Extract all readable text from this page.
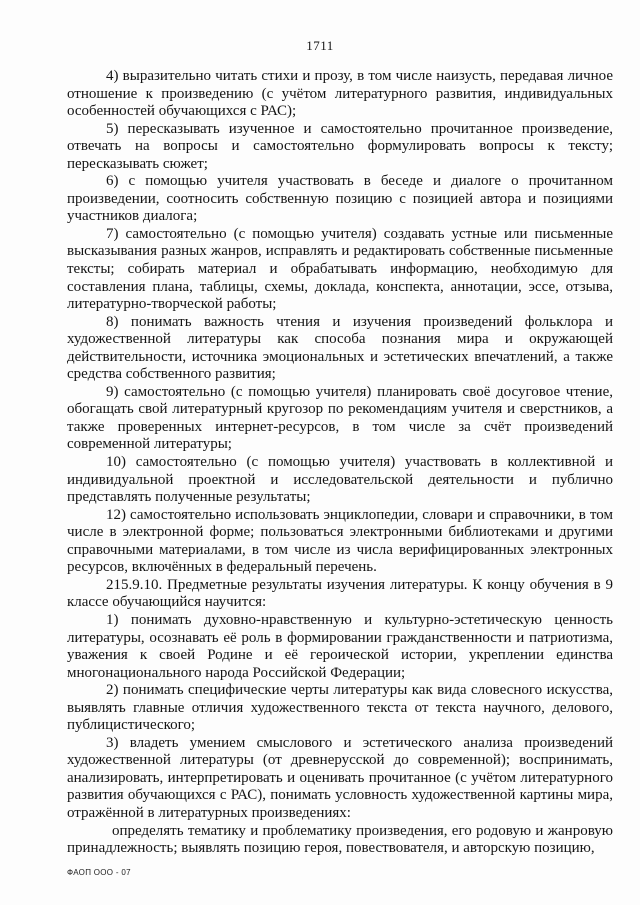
1711

4) выразительно читать стихи и прозу, в том числе наизусть, передавая личное отношение к произведению (с учётом литературного развития, индивидуальных особенностей обучающихся с РАС);

5) пересказывать изученное и самостоятельно прочитанное произведение, отвечать на вопросы и самостоятельно формулировать вопросы к тексту; пересказывать сюжет;

6) с помощью учителя участвовать в беседе и диалоге о прочитанном произведении, соотносить собственную позицию с позицией автора и позициями участников диалога;

7) самостоятельно (с помощью учителя) создавать устные или письменные высказывания разных жанров, исправлять и редактировать собственные письменные тексты; собирать материал и обрабатывать информацию, необходимую для составления плана, таблицы, схемы, доклада, конспекта, аннотации, эссе, отзыва, литературно-творческой работы;

8) понимать важность чтения и изучения произведений фольклора и художественной литературы как способа познания мира и окружающей действительности, источника эмоциональных и эстетических впечатлений, а также средства собственного развития;

9) самостоятельно (с помощью учителя) планировать своё досуговое чтение, обогащать свой литературный кругозор по рекомендациям учителя и сверстников, а также проверенных интернет-ресурсов, в том числе за счёт произведений современной литературы;

10) самостоятельно (с помощью учителя) участвовать в коллективной и индивидуальной проектной и исследовательской деятельности и публично представлять полученные результаты;

12) самостоятельно использовать энциклопедии, словари и справочники, в том числе в электронной форме; пользоваться электронными библиотеками и другими справочными материалами, в том числе из числа верифицированных электронных ресурсов, включённых в федеральный перечень.

215.9.10. Предметные результаты изучения литературы. К концу обучения в 9 классе обучающийся научится:

1) понимать духовно-нравственную и культурно-эстетическую ценность литературы, осознавать её роль в формировании гражданственности и патриотизма, уважения к своей Родине и её героической истории, укреплении единства многонационального народа Российской Федерации;

2) понимать специфические черты литературы как вида словесного искусства, выявлять главные отличия художественного текста от текста научного, делового, публицистического;

3) владеть умением смыслового и эстетического анализа произведений художественной литературы (от древнерусской до современной); воспринимать, анализировать, интерпретировать и оценивать прочитанное (с учётом литературного развития обучающихся с РАС), понимать условность художественной картины мира, отражённой в литературных произведениях:

определять тематику и проблематику произведения, его родовую и жанровую принадлежность; выявлять позицию героя, повествователя, и авторскую позицию,

ФАОП ООО - 07
